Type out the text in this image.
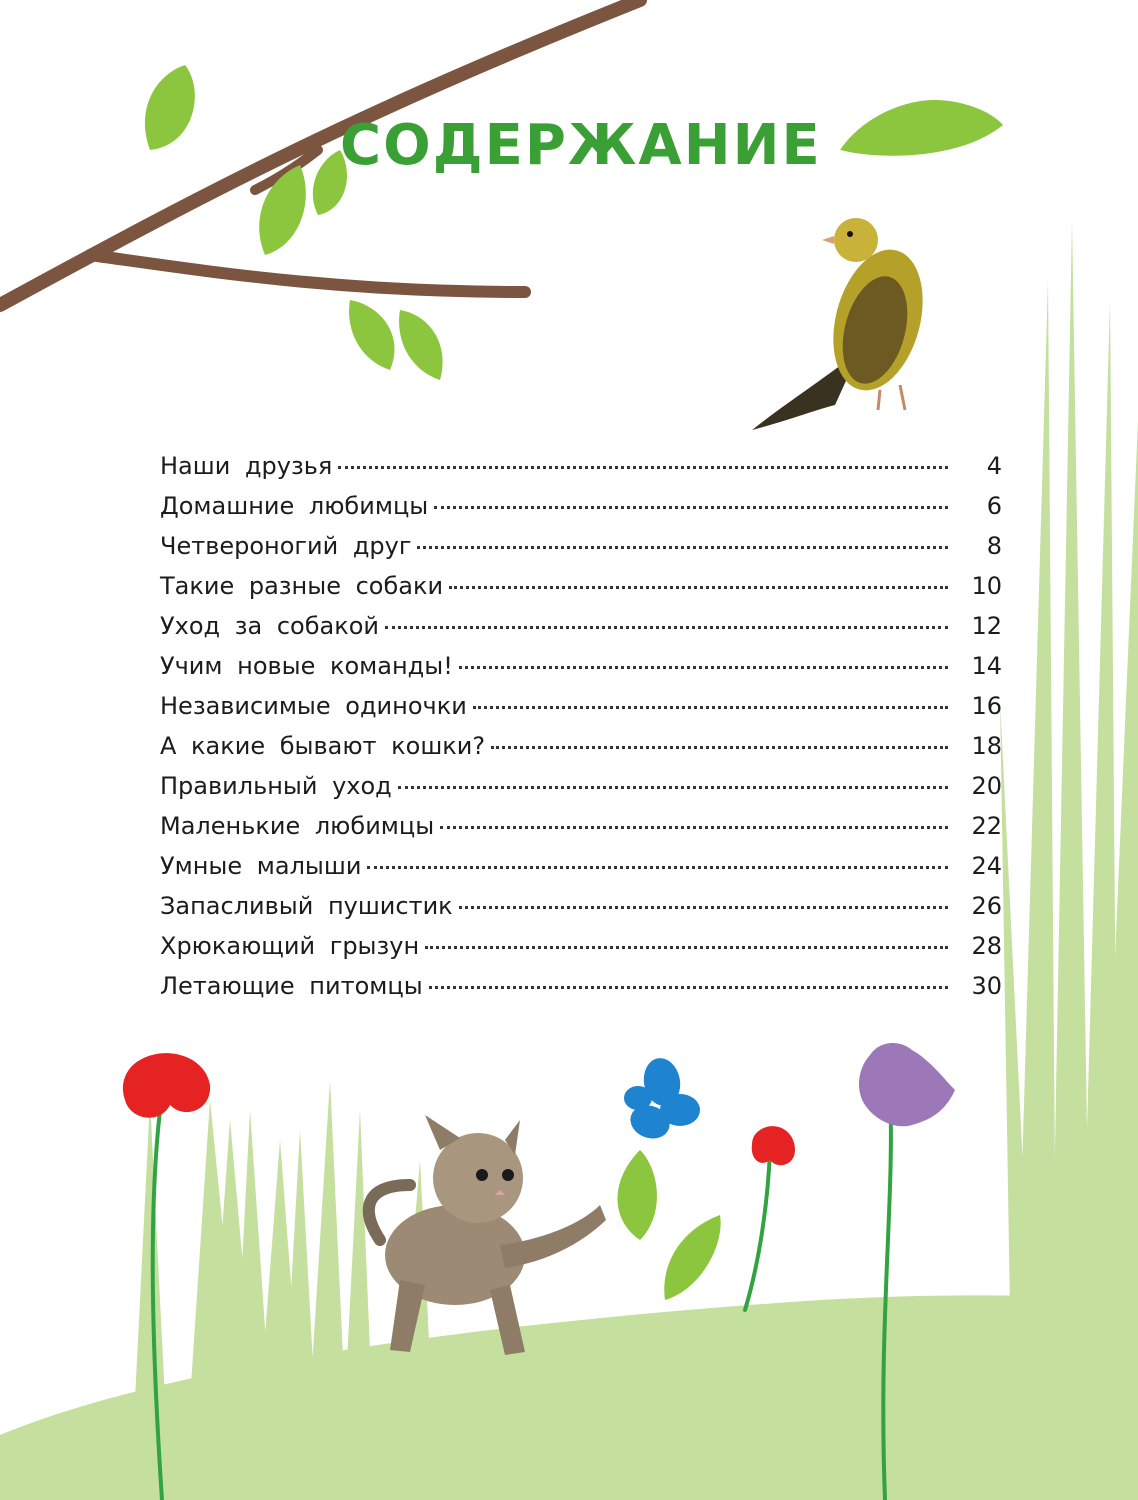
СОДЕРЖАНИЕ
Наши друзья	4
Домашние любимцы	6
Четвероногий друг	8
Такие разные собаки	10
Уход за собакой	12
Учим новые команды!	14
Независимые одиночки	16
А какие бывают кошки?	18
Правильный уход	20
Маленькие любимцы	22
Умные малыши	24
Запасливый пушистик	26
Хрюкающий грызун	28
Летающие питомцы	30
